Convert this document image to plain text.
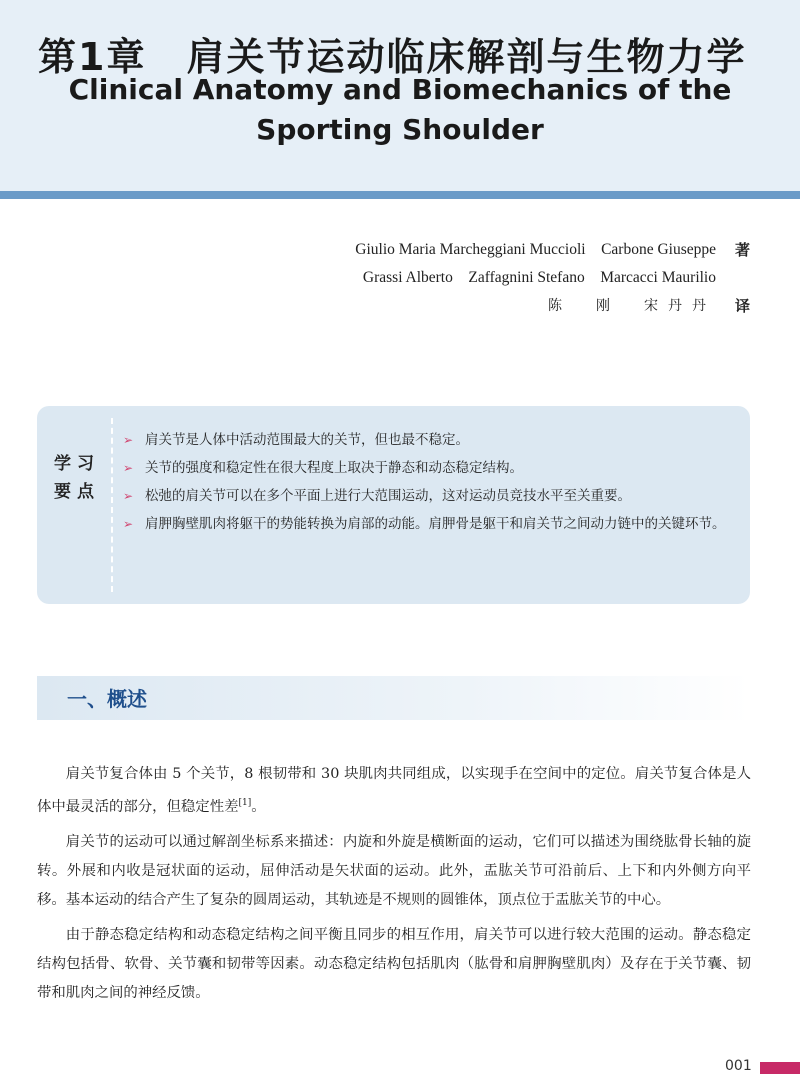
第1章　肩关节运动临床解剖与生物力学
Clinical Anatomy and Biomechanics of the Sporting Shoulder
Giulio Maria Marcheggiani Muccioli    Carbone Giuseppe	著
Grassi Alberto    Zaffagnini Stefano    Marcacci Maurilio
陈　刚　宋丹丹	译
学 习
要 点
➢ 肩关节是人体中活动范围最大的关节，但也最不稳定。
➢ 关节的强度和稳定性在很大程度上取决于静态和动态稳定结构。
➢ 松弛的肩关节可以在多个平面上进行大范围运动，这对运动员竞技水平至关重要。
➢ 肩胛胸壁肌肉将躯干的势能转换为肩部的动能。肩胛骨是躯干和肩关节之间动力链中的关键环节。
一、概述

肩关节复合体由 5 个关节，8 根韧带和 30 块肌肉共同组成，以实现手在空间中的定位。肩关节复合体是人体中最灵活的部分，但稳定性差[1]。

肩关节的运动可以通过解剖坐标系来描述：内旋和外旋是横断面的运动，它们可以描述为围绕肱骨长轴的旋转。外展和内收是冠状面的运动，屈伸活动是矢状面的运动。此外，盂肱关节可沿前后、上下和内外侧方向平移。基本运动的结合产生了复杂的圆周运动，其轨迹是不规则的圆锥体，顶点位于盂肱关节的中心。

由于静态稳定结构和动态稳定结构之间平衡且同步的相互作用，肩关节可以进行较大范围的运动。静态稳定结构包括骨、软骨、关节囊和韧带等因素。动态稳定结构包括肌肉（肱骨和肩胛胸壁肌肉）及存在于关节囊、韧带和肌肉之间的神经反馈。

001
